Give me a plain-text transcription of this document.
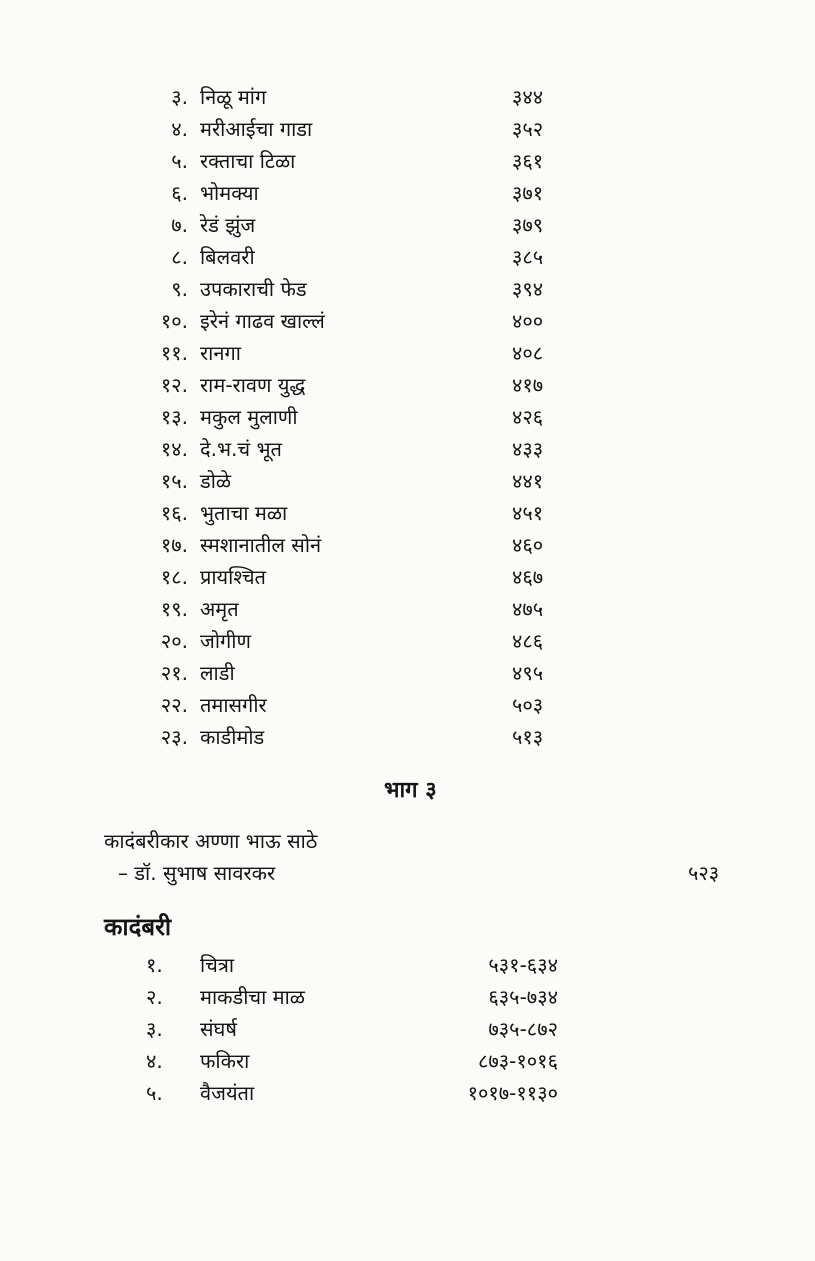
३. निळू मांग	३४४
४. मरीआईचा गाडा	३५२
५. रक्ताचा टिळा	३६१
६. भोमक्या	३७१
७. रेडं झुंज	३७९
८. बिलवरी	३८५
९. उपकाराची फेड	३९४
१०. इरेनं गाढव खाल्लं	४००
११. रानगा	४०८
१२. राम-रावण युद्ध	४१७
१३. मकुल मुलाणी	४२६
१४. दे.भ.चं भूत	४३३
१५. डोळे	४४१
१६. भुताचा मळा	४५१
१७. स्मशानातील सोनं	४६०
१८. प्रायश्चित	४६७
१९. अमृत	४७५
२०. जोगीण	४८६
२१. लाडी	४९५
२२. तमासगीर	५०३
२३. काडीमोड	५१३
भाग ३
कादंबरीकार अण्णा भाऊ साठे
– डॉ. सुभाष सावरकर	५२३
कादंबरी
१. चित्रा	५३१-६३४
२. माकडीचा माळ	६३५-७३४
३. संघर्ष	७३५-८७२
४. फकिरा	८७३-१०१६
५. वैजयंता	१०१७-११३०
